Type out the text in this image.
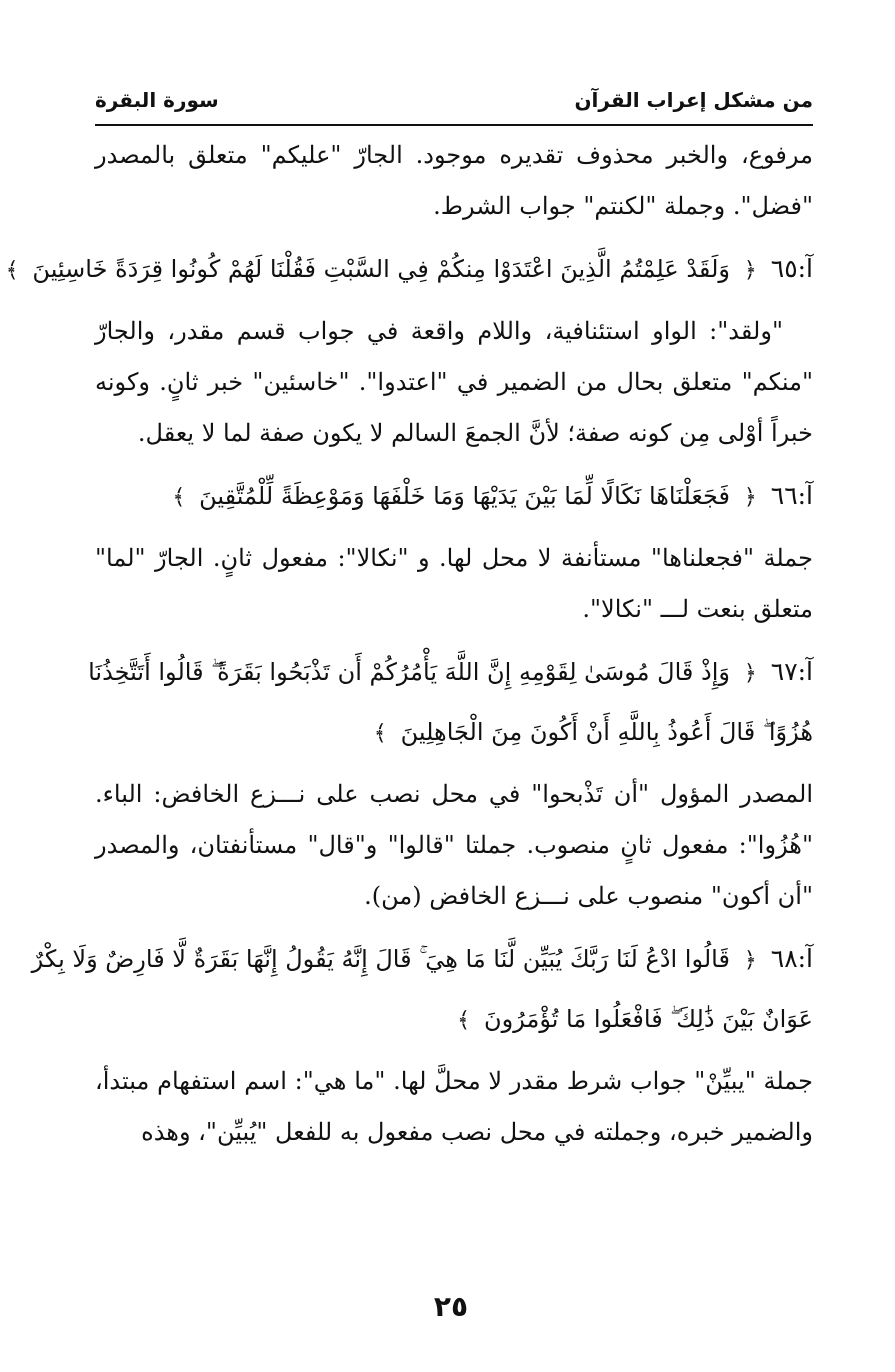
من مشكل إعراب القرآن
سورة البقرة

مرفوع، والخبر محذوف تقديره موجود. الجارّ "عليكم" متعلق بالمصدر "فضل". وجملة "لكنتم" جواب الشرط.

آ:٦٥ ﴿ وَلَقَدْ عَلِمْتُمُ الَّذِينَ اعْتَدَوْا مِنكُمْ فِي السَّبْتِ فَقُلْنَا لَهُمْ كُونُوا قِرَدَةً خَاسِئِينَ ﴾

"ولقد": الواو استئنافية، واللام واقعة في جواب قسم مقدر، والجارّ "منكم" متعلق بحال من الضمير في "اعتدوا". "خاسئين" خبر ثانٍ. وكونه خبراً أوْلى مِن كونه صفة؛ لأنَّ الجمعَ السالم لا يكون صفة لما لا يعقل.

آ:٦٦ ﴿ فَجَعَلْنَاهَا نَكَالًا لِّمَا بَيْنَ يَدَيْهَا وَمَا خَلْفَهَا وَمَوْعِظَةً لِّلْمُتَّقِينَ ﴾

جملة "فجعلناها" مستأنفة لا محل لها. و "نكالا": مفعول ثانٍ. الجارّ "لما" متعلق بنعت لـــ "نكالا".

آ:٦٧ ﴿ وَإِذْ قَالَ مُوسَىٰ لِقَوْمِهِ إِنَّ اللَّهَ يَأْمُرُكُمْ أَن تَذْبَحُوا بَقَرَةً ۖ قَالُوا أَتَتَّخِذُنَا
هُزُوًا ۖ قَالَ أَعُوذُ بِاللَّهِ أَنْ أَكُونَ مِنَ الْجَاهِلِينَ ﴾

المصدر المؤول "أن تَذْبحوا" في محل نصب على نـــزع الخافض: الباء. "هُزُوا": مفعول ثانٍ منصوب. جملتا "قالوا" و"قال" مستأنفتان، والمصدر "أن أكون" منصوب على نـــزع الخافض (من).

آ:٦٨ ﴿ قَالُوا ادْعُ لَنَا رَبَّكَ يُبَيِّن لَّنَا مَا هِيَ ۚ قَالَ إِنَّهُ يَقُولُ إِنَّهَا بَقَرَةٌ لَّا فَارِضٌ وَلَا بِكْرٌ
عَوَانٌ بَيْنَ ذَٰلِكَ ۖ فَافْعَلُوا مَا تُؤْمَرُونَ ﴾

جملة "يبيِّنْ" جواب شرط مقدر لا محلَّ لها. "ما هي": اسم استفهام مبتدأ، والضمير خبره، وجملته في محل نصب مفعول به للفعل "يُبيِّن"، وهذه

٢٥
